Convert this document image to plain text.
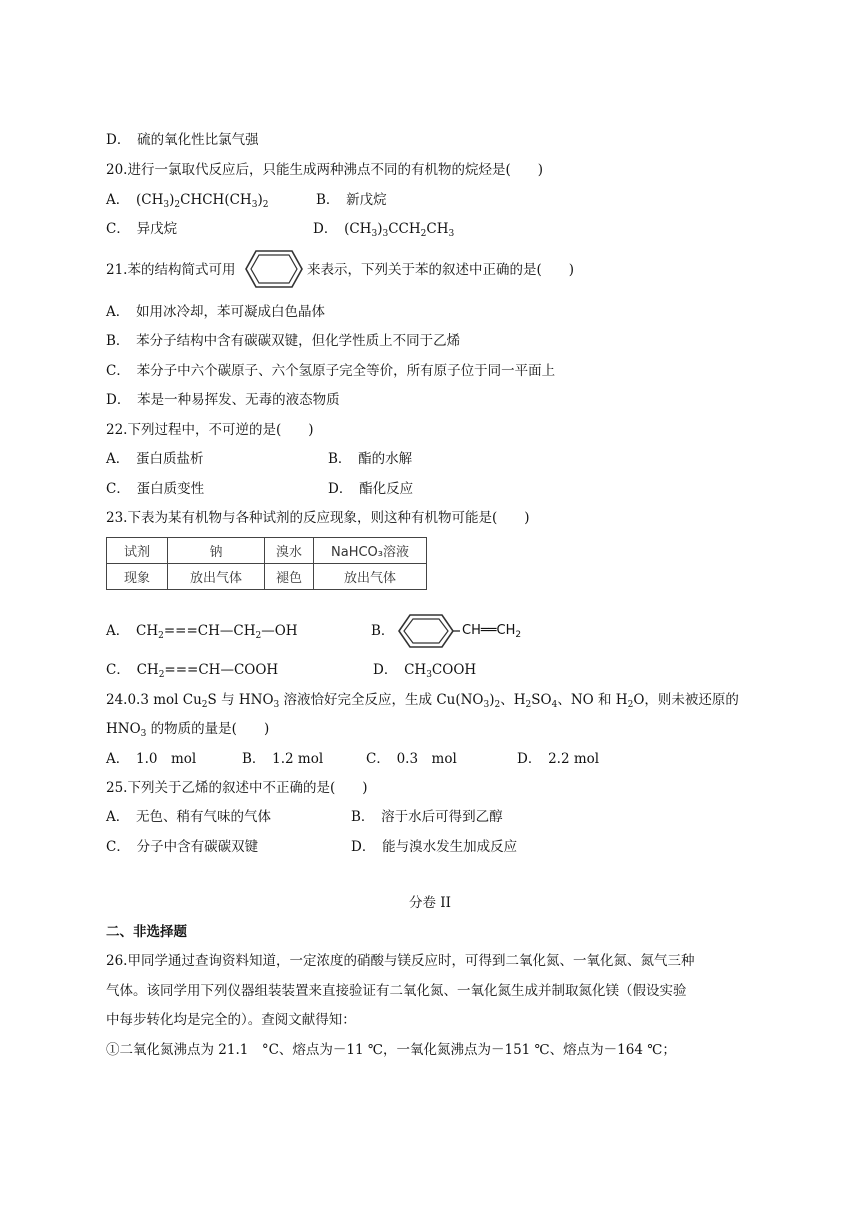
D．　硫的氧化性比氯气强
20.进行一氯取代反应后，只能生成两种沸点不同的有机物的烷烃是(　　)
A．　$(CH_3)_2CHCH(CH_3)_2$	B．　新戊烷
C．　异戊烷	D．　$(CH_3)_3CCH_2CH_3$
21.苯的结构简式可用	来表示，下列关于苯的叙述中正确的是(　　)
A．　如用冰冷却，苯可凝成白色晶体
B．　苯分子结构中含有碳碳双键，但化学性质上不同于乙烯
C．　苯分子中六个碳原子、六个氢原子完全等价，所有原子位于同一平面上
D．　苯是一种易挥发、无毒的液态物质
22.下列过程中，不可逆的是(　　)
A．　蛋白质盐析	B．　酯的水解
C．　蛋白质变性	D．　酯化反应
23.下表为某有机物与各种试剂的反应现象，则这种有机物可能是(　　)
试剂	钠	溴水	NaHCO₃溶液
现象	放出气体	褪色	放出气体
A．　$CH_2===CH—CH_2—OH$	B．	$CH══CH_2$
C．　$CH_2===CH—COOH$	D．　$CH_3COOH$
24.0.3 mol $Cu_2S$ 与 $HNO_3$ 溶液恰好完全反应，生成 $Cu(NO_3)_2$、$H_2SO_4$、NO 和 $H_2O$，则未被还原的
$HNO_3$ 的物质的量是(　　)
A．　1.0　mol	B．　1.2 mol	C．　0.3　mol	D．　2.2 mol
25.下列关于乙烯的叙述中不正确的是(　　)
A．　无色、稍有气味的气体	B．　溶于水后可得到乙醇
C．　分子中含有碳碳双键	D．　能与溴水发生加成反应
分卷 II
二、非选择题
26.甲同学通过查询资料知道，一定浓度的硝酸与镁反应时，可得到二氧化氮、一氧化氮、氮气三种
气体。该同学用下列仪器组装装置来直接验证有二氧化氮、一氧化氮生成并制取氮化镁（假设实验
中每步转化均是完全的）。查阅文献得知：
①二氧化氮沸点为 21.1　°C、熔点为－11 ℃，一氧化氮沸点为－151 ℃、熔点为－164 ℃；
